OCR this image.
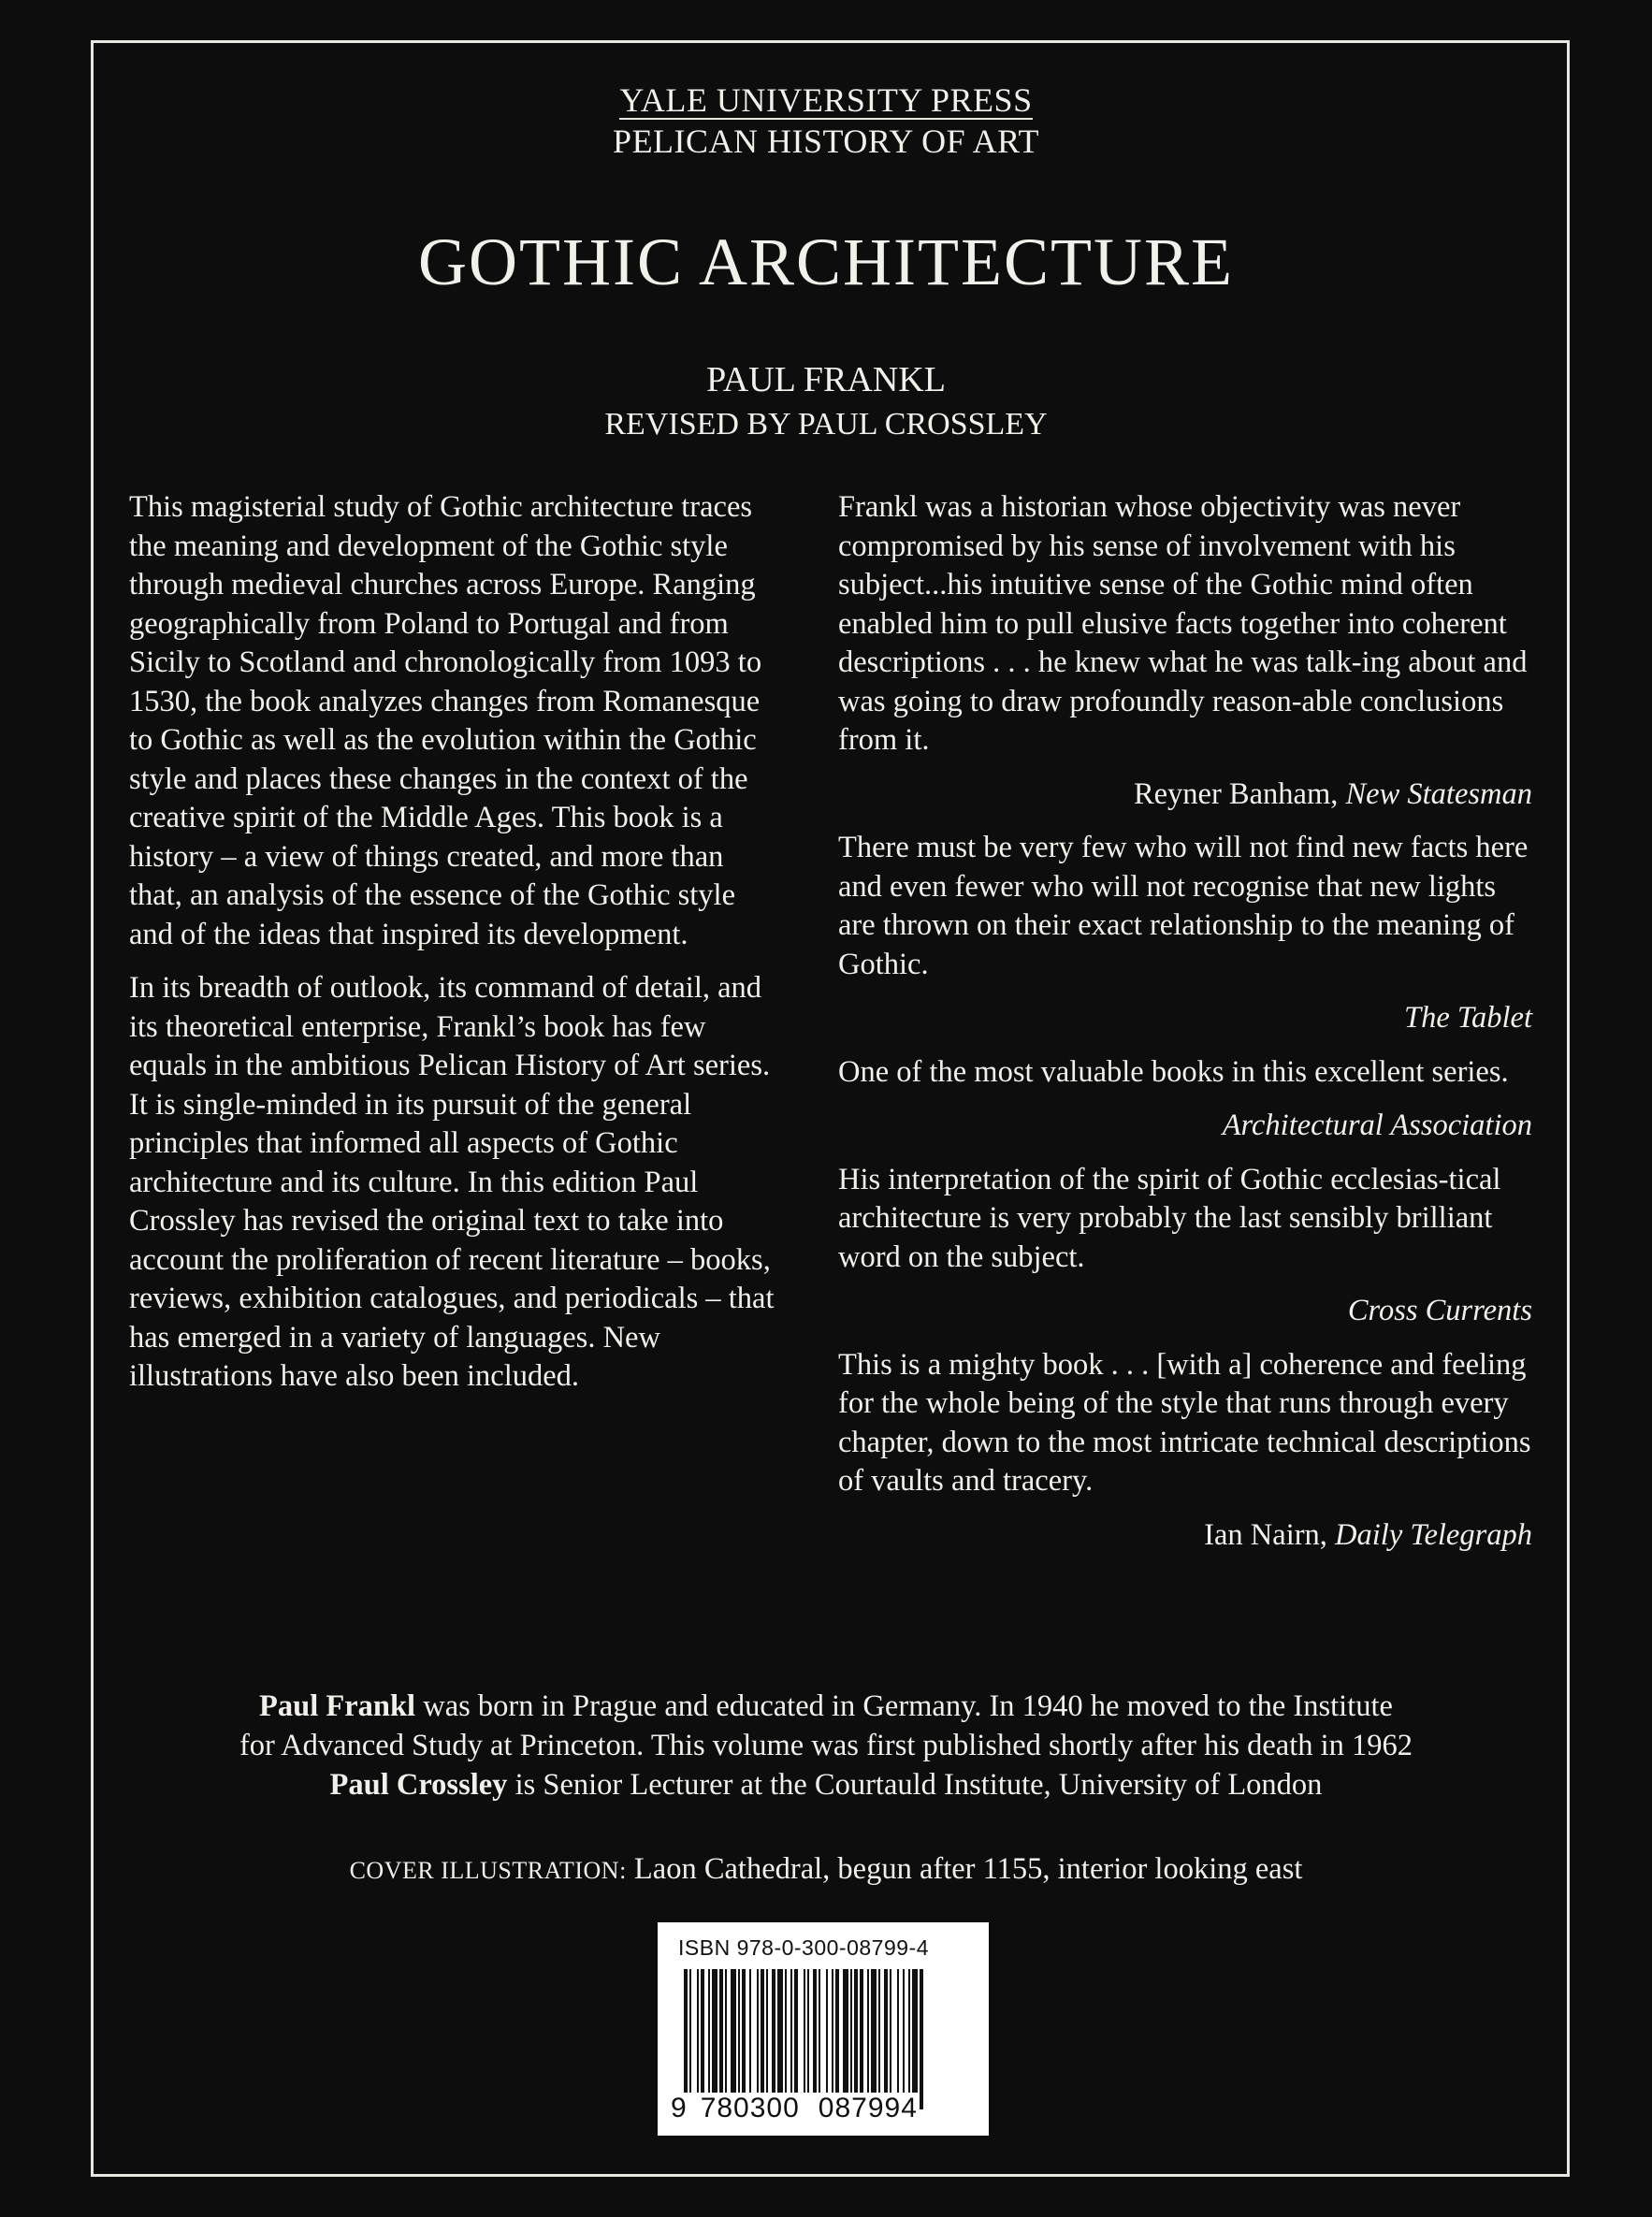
YALE UNIVERSITY PRESS
PELICAN HISTORY OF ART
GOTHIC ARCHITECTURE
PAUL FRANKL
REVISED BY PAUL CROSSLEY

This magisterial study of Gothic architecture traces the meaning and development of the Gothic style through medieval churches across Europe. Ranging geographically from Poland to Portugal and from Sicily to Scotland and chronologically from 1093 to 1530, the book analyzes changes from Romanesque to Gothic as well as the evolution within the Gothic style and places these changes in the context of the creative spirit of the Middle Ages. This book is a history – a view of things created, and more than that, an analysis of the essence of the Gothic style and of the ideas that inspired its development.

In its breadth of outlook, its command of detail, and its theoretical enterprise, Frankl’s book has few equals in the ambitious Pelican History of Art series. It is single-minded in its pursuit of the general principles that informed all aspects of Gothic architecture and its culture. In this edition Paul Crossley has revised the original text to take into account the proliferation of recent literature – books, reviews, exhibition catalogues, and periodicals – that has emerged in a variety of languages. New illustrations have also been included.

Frankl was a historian whose objectivity was never compromised by his sense of involvement with his subject...his intuitive sense of the Gothic mind often enabled him to pull elusive facts together into coherent descriptions . . . he knew what he was talk-ing about and was going to draw profoundly reason-able conclusions from it.

Reyner Banham, New Statesman

There must be very few who will not find new facts here and even fewer who will not recognise that new lights are thrown on their exact relationship to the meaning of Gothic.

The Tablet

One of the most valuable books in this excellent series.

Architectural Association

His interpretation of the spirit of Gothic ecclesias-tical architecture is very probably the last sensibly brilliant word on the subject.

Cross Currents

This is a mighty book . . . [with a] coherence and feeling for the whole being of the style that runs through every chapter, down to the most intricate technical descriptions of vaults and tracery.

Ian Nairn, Daily Telegraph

Paul Frankl was born in Prague and educated in Germany. In 1940 he moved to the Institute
for Advanced Study at Princeton. This volume was first published shortly after his death in 1962
Paul Crossley is Senior Lecturer at the Courtauld Institute, University of London
COVER ILLUSTRATION: Laon Cathedral, begun after 1155, interior looking east
ISBN 978-0-300-08799-4
9 780300 087994
